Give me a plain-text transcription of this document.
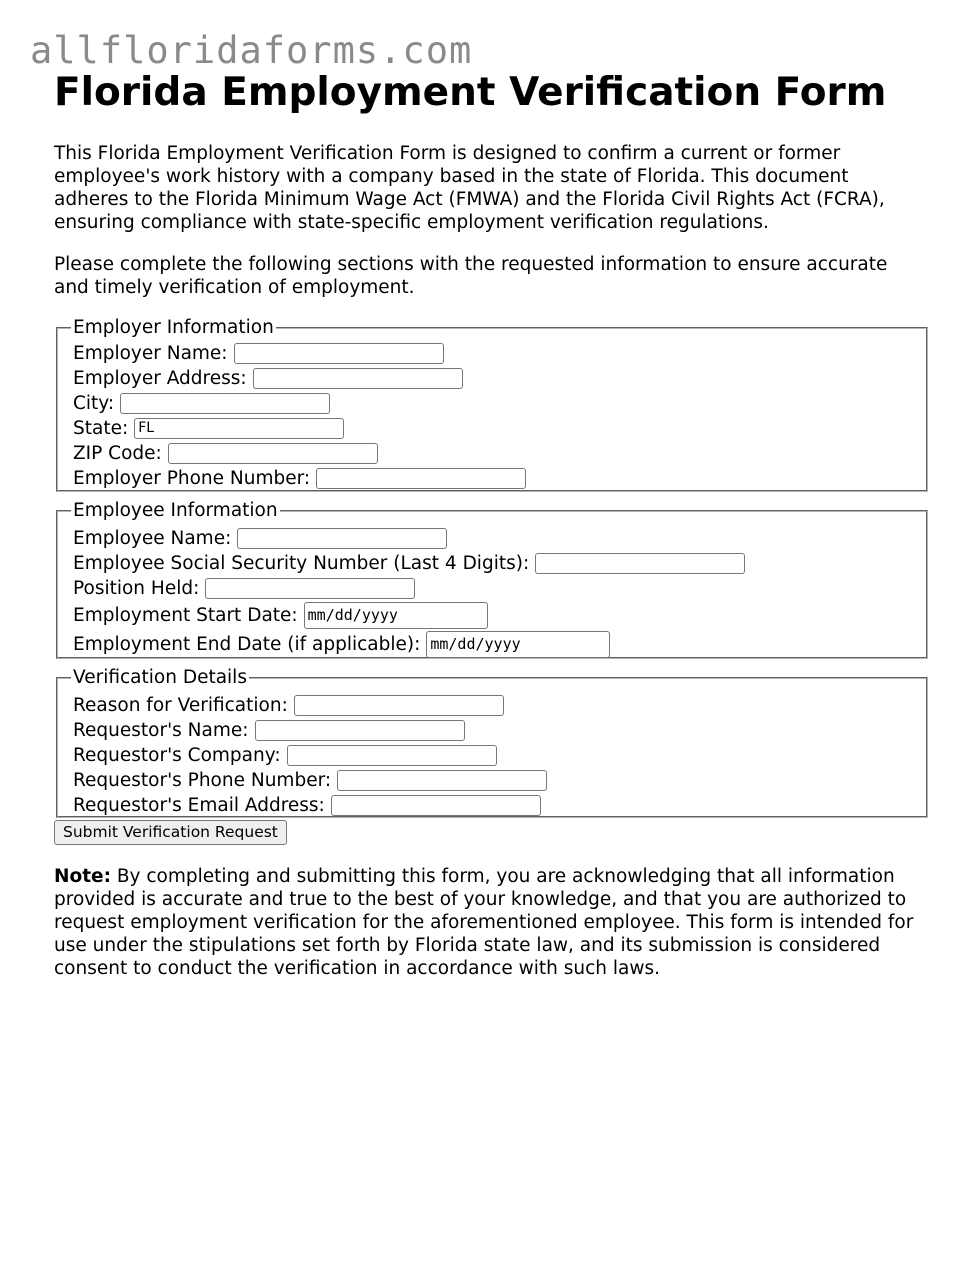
allfloridaforms.com
Florida Employment Verification Form

This Florida Employment Verification Form is designed to confirm a current or former employee's work history with a company based in the state of Florida. This document adheres to the Florida Minimum Wage Act (FMWA) and the Florida Civil Rights Act (FCRA), ensuring compliance with state-specific employment verification regulations.

Please complete the following sections with the requested information to ensure accurate and timely verification of employment.

Employer Information
Employer Name:
Employer Address:
City:
State: FL
ZIP Code:
Employer Phone Number:
Employee Information
Employee Name:
Employee Social Security Number (Last 4 Digits):
Position Held:
Employment Start Date: mm/dd/yyyy
Employment End Date (if applicable): mm/dd/yyyy
Verification Details
Reason for Verification:
Requestor's Name:
Requestor's Company:
Requestor's Phone Number:
Requestor's Email Address:
Submit Verification Request

Note: By completing and submitting this form, you are acknowledging that all information provided is accurate and true to the best of your knowledge, and that you are authorized to request employment verification for the aforementioned employee. This form is intended for use under the stipulations set forth by Florida state law, and its submission is considered consent to conduct the verification in accordance with such laws.
